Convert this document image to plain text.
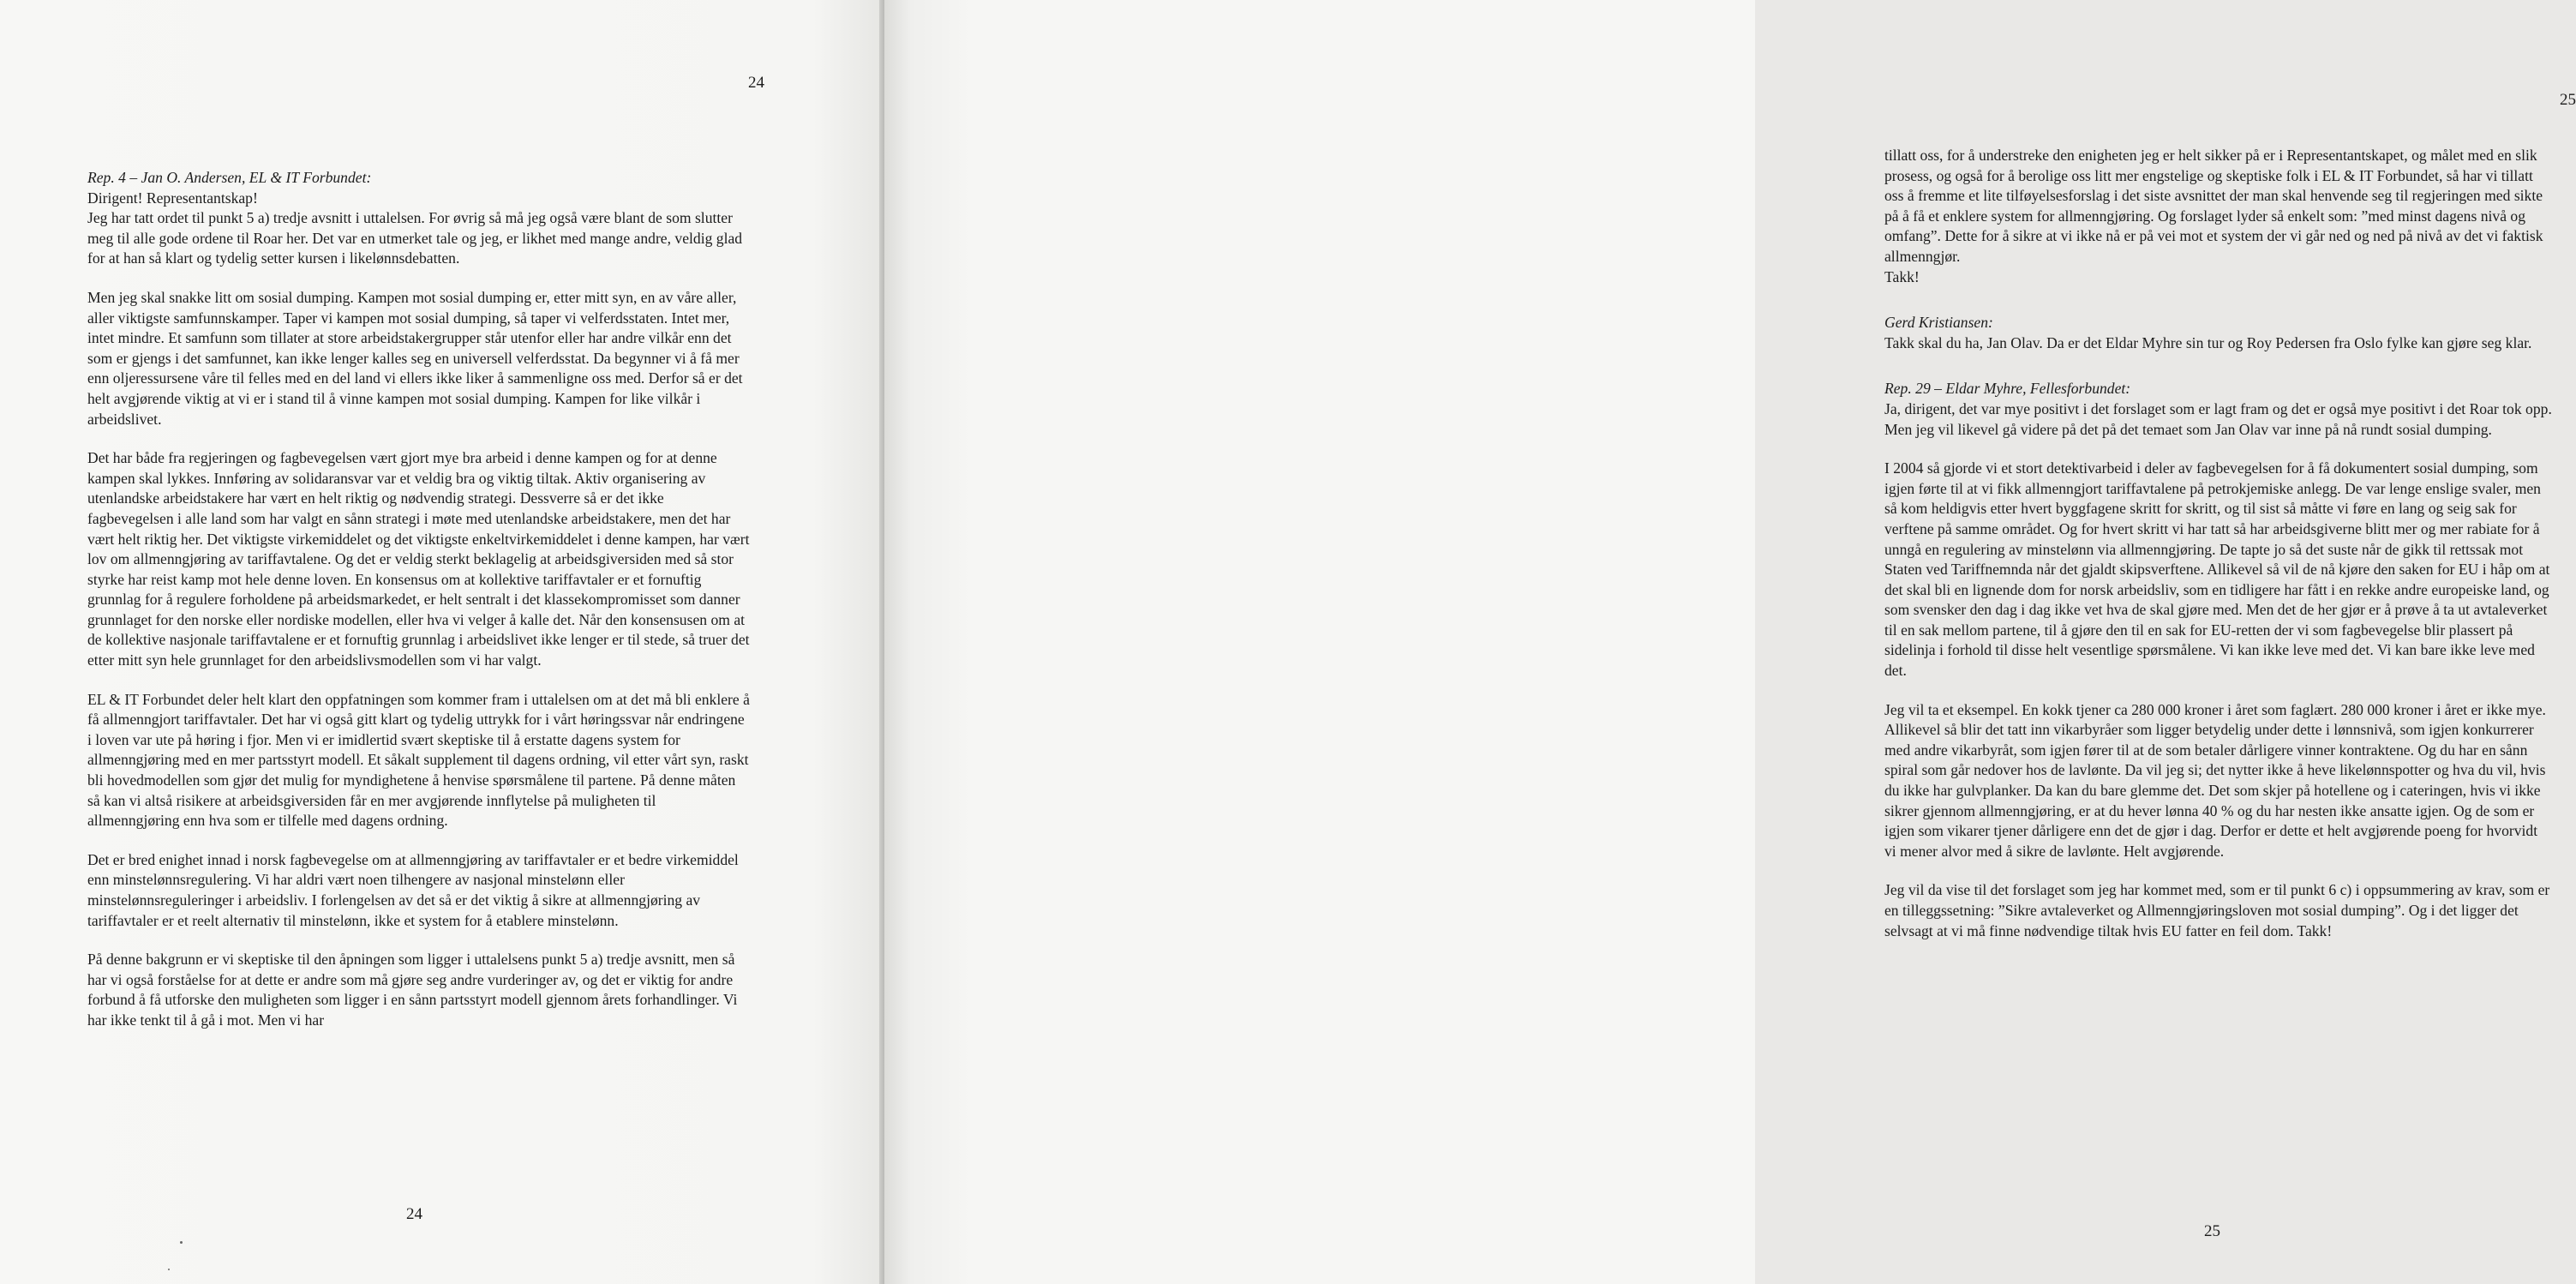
24
Rep. 4 – Jan O. Andersen, EL & IT Forbundet:

Dirigent! Representantskap!
Jeg har tatt ordet til punkt 5 a) tredje avsnitt i uttalelsen. For øvrig så må jeg også være blant de som slutter meg til alle gode ordene til Roar her. Det var en utmerket tale og jeg, er likhet med mange andre, veldig glad for at han så klart og tydelig setter kursen i likelønnsdebatten.

Men jeg skal snakke litt om sosial dumping. Kampen mot sosial dumping er, etter mitt syn, en av våre aller, aller viktigste samfunnskamper. Taper vi kampen mot sosial dumping, så taper vi velferdsstaten. Intet mer, intet mindre. Et samfunn som tillater at store arbeidstakergrupper står utenfor eller har andre vilkår enn det som er gjengs i det samfunnet, kan ikke lenger kalles seg en universell velferdsstat. Da begynner vi å få mer enn oljeressursene våre til felles med en del land vi ellers ikke liker å sammenligne oss med. Derfor så er det helt avgjørende viktig at vi er i stand til å vinne kampen mot sosial dumping. Kampen for like vilkår i arbeidslivet.

Det har både fra regjeringen og fagbevegelsen vært gjort mye bra arbeid i denne kampen og for at denne kampen skal lykkes. Innføring av solidaransvar var et veldig bra og viktig tiltak. Aktiv organisering av utenlandske arbeidstakere har vært en helt riktig og nødvendig strategi. Dessverre så er det ikke fagbevegelsen i alle land som har valgt en sånn strategi i møte med utenlandske arbeidstakere, men det har vært helt riktig her. Det viktigste virkemiddelet og det viktigste enkeltvirkemiddelet i denne kampen, har vært lov om allmenngjøring av tariffavtalene. Og det er veldig sterkt beklagelig at arbeidsgiversiden med så stor styrke har reist kamp mot hele denne loven. En konsensus om at kollektive tariffavtaler er et fornuftig grunnlag for å regulere forholdene på arbeidsmarkedet, er helt sentralt i det klassekompromisset som danner grunnlaget for den norske eller nordiske modellen, eller hva vi velger å kalle det. Når den konsensusen om at de kollektive nasjonale tariffavtalene er et fornuftig grunnlag i arbeidslivet ikke lenger er til stede, så truer det etter mitt syn hele grunnlaget for den arbeidslivsmodellen som vi har valgt.

EL & IT Forbundet deler helt klart den oppfatningen som kommer fram i uttalelsen om at det må bli enklere å få allmenngjort tariffavtaler. Det har vi også gitt klart og tydelig uttrykk for i vårt høringssvar når endringene i loven var ute på høring i fjor. Men vi er imidlertid svært skeptiske til å erstatte dagens system for allmenngjøring med en mer partsstyrt modell. Et såkalt supplement til dagens ordning, vil etter vårt syn, raskt bli hovedmodellen som gjør det mulig for myndighetene å henvise spørsmålene til partene. På denne måten så kan vi altså risikere at arbeidsgiversiden får en mer avgjørende innflytelse på muligheten til allmenngjøring enn hva som er tilfelle med dagens ordning.

Det er bred enighet innad i norsk fagbevegelse om at allmenngjøring av tariffavtaler er et bedre virkemiddel enn minstelønnsregulering. Vi har aldri vært noen tilhengere av nasjonal minstelønn eller minstelønnsreguleringer i arbeidsliv. I forlengelsen av det så er det viktig å sikre at allmenngjøring av tariffavtaler er et reelt alternativ til minstelønn, ikke et system for å etablere minstelønn.

På denne bakgrunn er vi skeptiske til den åpningen som ligger i uttalelsens punkt 5 a) tredje avsnitt, men så har vi også forståelse for at dette er andre som må gjøre seg andre vurderinger av, og det er viktig for andre forbund å få utforske den muligheten som ligger i en sånn partsstyrt modell gjennom årets forhandlinger. Vi har ikke tenkt til å gå i mot. Men vi har

24
25

tillatt oss, for å understreke den enigheten jeg er helt sikker på er i Representantskapet, og målet med en slik prosess, og også for å berolige oss litt mer engstelige og skeptiske folk i EL & IT Forbundet, så har vi tillatt oss å fremme et lite tilføyelsesforslag i det siste avsnittet der man skal henvende seg til regjeringen med sikte på å få et enklere system for allmenngjøring. Og forslaget lyder så enkelt som: ”med minst dagens nivå og omfang”. Dette for å sikre at vi ikke nå er på vei mot et system der vi går ned og ned på nivå av det vi faktisk allmenngjør.
Takk!

Gerd Kristiansen:

Takk skal du ha, Jan Olav. Da er det Eldar Myhre sin tur og Roy Pedersen fra Oslo fylke kan gjøre seg klar.

Rep. 29 – Eldar Myhre, Fellesforbundet:

Ja, dirigent, det var mye positivt i det forslaget som er lagt fram og det er også mye positivt i det Roar tok opp. Men jeg vil likevel gå videre på det på det temaet som Jan Olav var inne på nå rundt sosial dumping.

I 2004 så gjorde vi et stort detektivarbeid i deler av fagbevegelsen for å få dokumentert sosial dumping, som igjen førte til at vi fikk allmenngjort tariffavtalene på petrokjemiske anlegg. De var lenge enslige svaler, men så kom heldigvis etter hvert byggfagene skritt for skritt, og til sist så måtte vi føre en lang og seig sak for verftene på samme området. Og for hvert skritt vi har tatt så har arbeidsgiverne blitt mer og mer rabiate for å unngå en regulering av minstelønn via allmenngjøring. De tapte jo så det suste når de gikk til rettssak mot Staten ved Tariffnemnda når det gjaldt skipsverftene. Allikevel så vil de nå kjøre den saken for EU i håp om at det skal bli en lignende dom for norsk arbeidsliv, som en tidligere har fått i en rekke andre europeiske land, og som svensker den dag i dag ikke vet hva de skal gjøre med. Men det de her gjør er å prøve å ta ut avtaleverket til en sak mellom partene, til å gjøre den til en sak for EU-retten der vi som fagbevegelse blir plassert på sidelinja i forhold til disse helt vesentlige spørsmålene. Vi kan ikke leve med det. Vi kan bare ikke leve med det.

Jeg vil ta et eksempel. En kokk tjener ca 280 000 kroner i året som faglært. 280 000 kroner i året er ikke mye. Allikevel så blir det tatt inn vikarbyråer som ligger betydelig under dette i lønnsnivå, som igjen konkurrerer med andre vikarbyråt, som igjen fører til at de som betaler dårligere vinner kontraktene. Og du har en sånn spiral som går nedover hos de lavlønte. Da vil jeg si; det nytter ikke å heve likelønnspotter og hva du vil, hvis du ikke har gulvplanker. Da kan du bare glemme det. Det som skjer på hotellene og i cateringen, hvis vi ikke sikrer gjennom allmenngjøring, er at du hever lønna 40 % og du har nesten ikke ansatte igjen. Og de som er igjen som vikarer tjener dårligere enn det de gjør i dag. Derfor er dette et helt avgjørende poeng for hvorvidt vi mener alvor med å sikre de lavlønte. Helt avgjørende.

Jeg vil da vise til det forslaget som jeg har kommet med, som er til punkt 6 c) i oppsummering av krav, som er en tilleggssetning: ”Sikre avtaleverket og Allmenngjøringsloven mot sosial dumping”. Og i det ligger det selvsagt at vi må finne nødvendige tiltak hvis EU fatter en feil dom. Takk!

25
